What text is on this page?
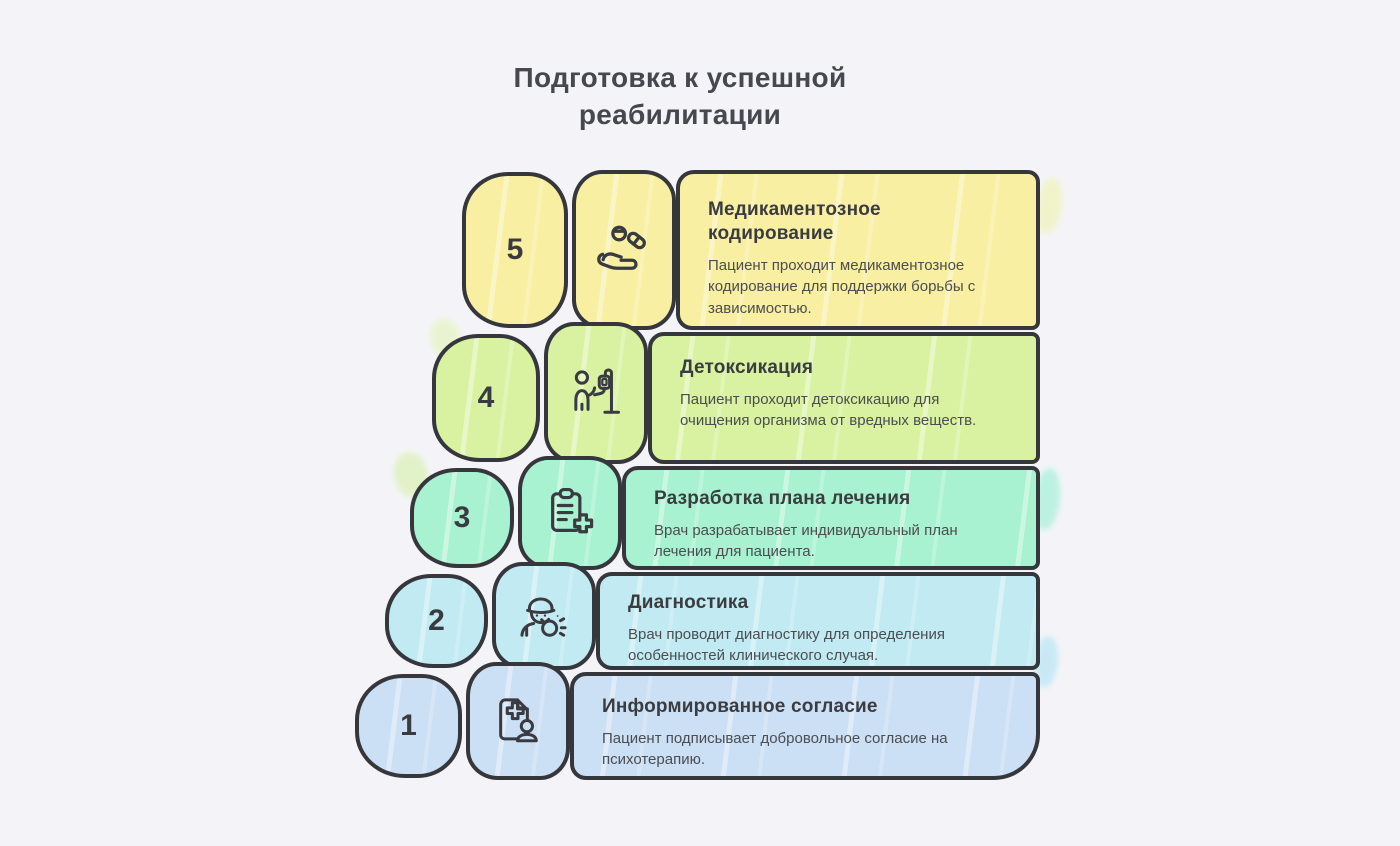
Подготовка к успешной
реабилитации
Медикаментозное кодирование

Пациент проходит медикаментозное кодирование для поддержки борьбы с зависимостью.

5
Детоксикация

Пациент проходит детоксикацию для очищения организма от вредных веществ.

4
Разработка плана лечения

Врач разрабатывает индивидуальный план лечения для пациента.

3
Диагностика

Врач проводит диагностику для определения особенностей клинического случая.

2
Информированное согласие

Пациент подписывает добровольное согласие на психотерапию.

1
